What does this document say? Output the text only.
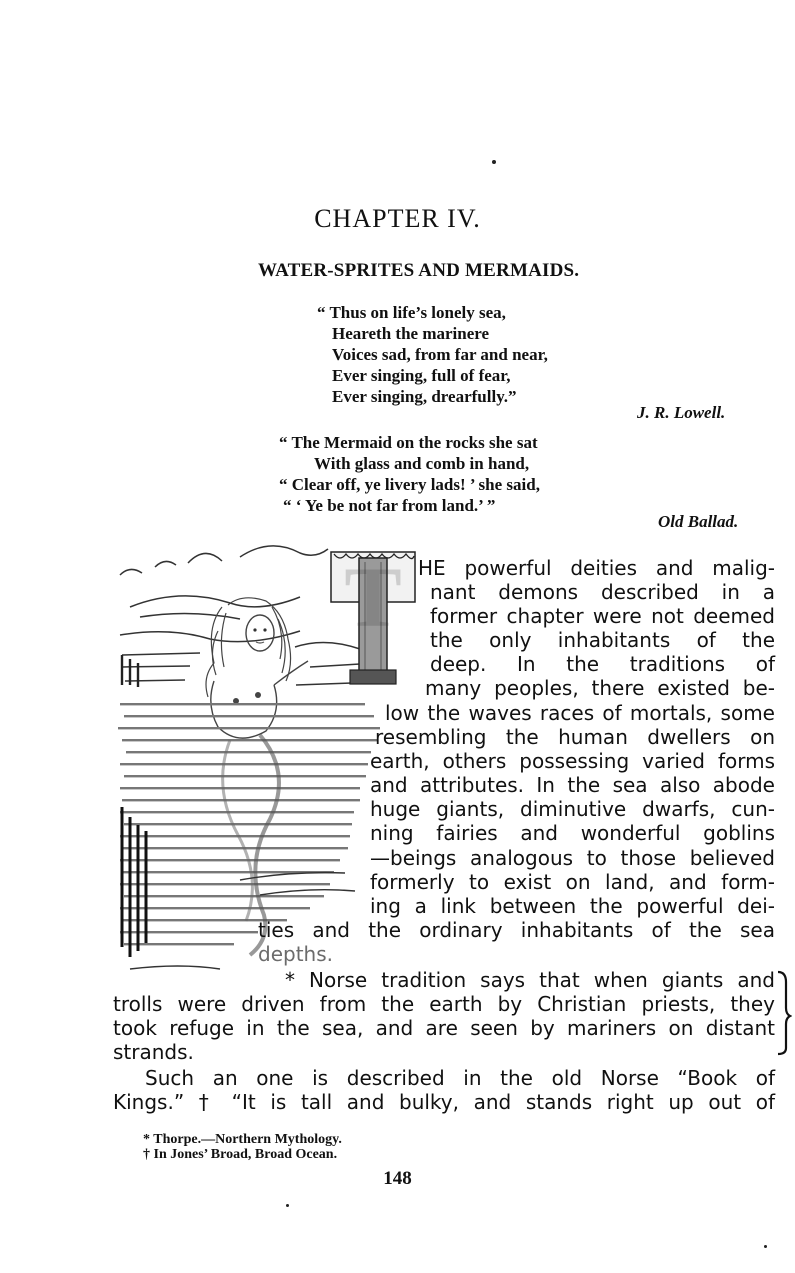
CHAPTER IV.
WATER-SPRITES AND MERMAIDS.
“ Thus on life’s lonely sea,
Heareth the marinere
Voices sad, from far and near,
Ever singing, full of fear,
Ever singing, drearfully.”
J. R. Lowell.
“ The Mermaid on the rocks she sat
With glass and comb in hand,
“ Clear off, ye livery lads! ’ she said,
“ ‘ Ye be not far from land.’ ”
Old Ballad.
T HE powerful deities and malig-
nant demons described in a
former chapter were not deemed
the only inhabitants of the
deep. In the traditions of
many peoples, there existed be-
low the waves races of mortals, some
resembling the human dwellers on
earth, others possessing varied forms
and attributes. In the sea also abode
huge giants, diminutive dwarfs, cun-
ning fairies and wonderful goblins
—beings analogous to those believed
formerly to exist on land, and form-
ing a link between the powerful dei-
ties and the ordinary inhabitants of the sea
depths.
* Norse tradition says that when giants and
trolls were driven from the earth by Christian priests, they
took refuge in the sea, and are seen by mariners on distant
strands.
Such an one is described in the old Norse “Book of
Kings.” † “It is tall and bulky, and stands right up out of
* Thorpe.—Northern Mythology.
† In Jones’ Broad, Broad Ocean.
148
